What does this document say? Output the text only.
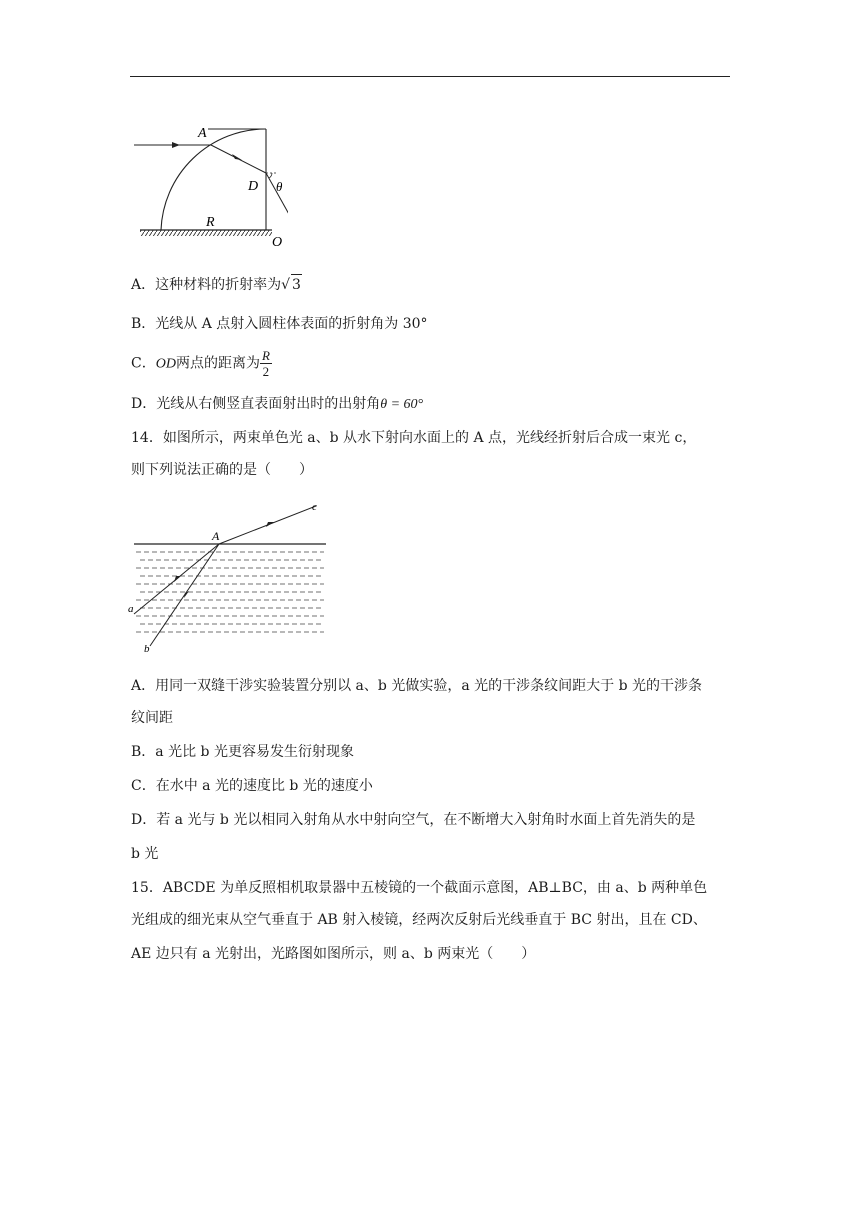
A
D θ
R
O
A．这种材料的折射率为√ 3
B．光线从 A 点射入圆柱体表面的折射角为 30°
C．OD两点的距离为 $\frac{R}{2}$
D．光线从右侧竖直表面射出时的出射角θ = 60°
14．如图所示，两束单色光 a、b 从水下射向水面上的 A 点，光线经折射后合成一束光 c，
则下列说法正确的是（　　）
A
c
a
b
A．用同一双缝干涉实验装置分别以 a、b 光做实验，a 光的干涉条纹间距大于 b 光的干涉条
纹间距
B．a 光比 b 光更容易发生衍射现象
C．在水中 a 光的速度比 b 光的速度小
D．若 a 光与 b 光以相同入射角从水中射向空气，在不断增大入射角时水面上首先消失的是
b 光
15．ABCDE 为单反照相机取景器中五棱镜的一个截面示意图，AB⊥BC，由 a、b 两种单色
光组成的细光束从空气垂直于 AB 射入棱镜，经两次反射后光线垂直于 BC 射出，且在 CD、
AE 边只有 a 光射出，光路图如图所示，则 a、b 两束光（　　）
